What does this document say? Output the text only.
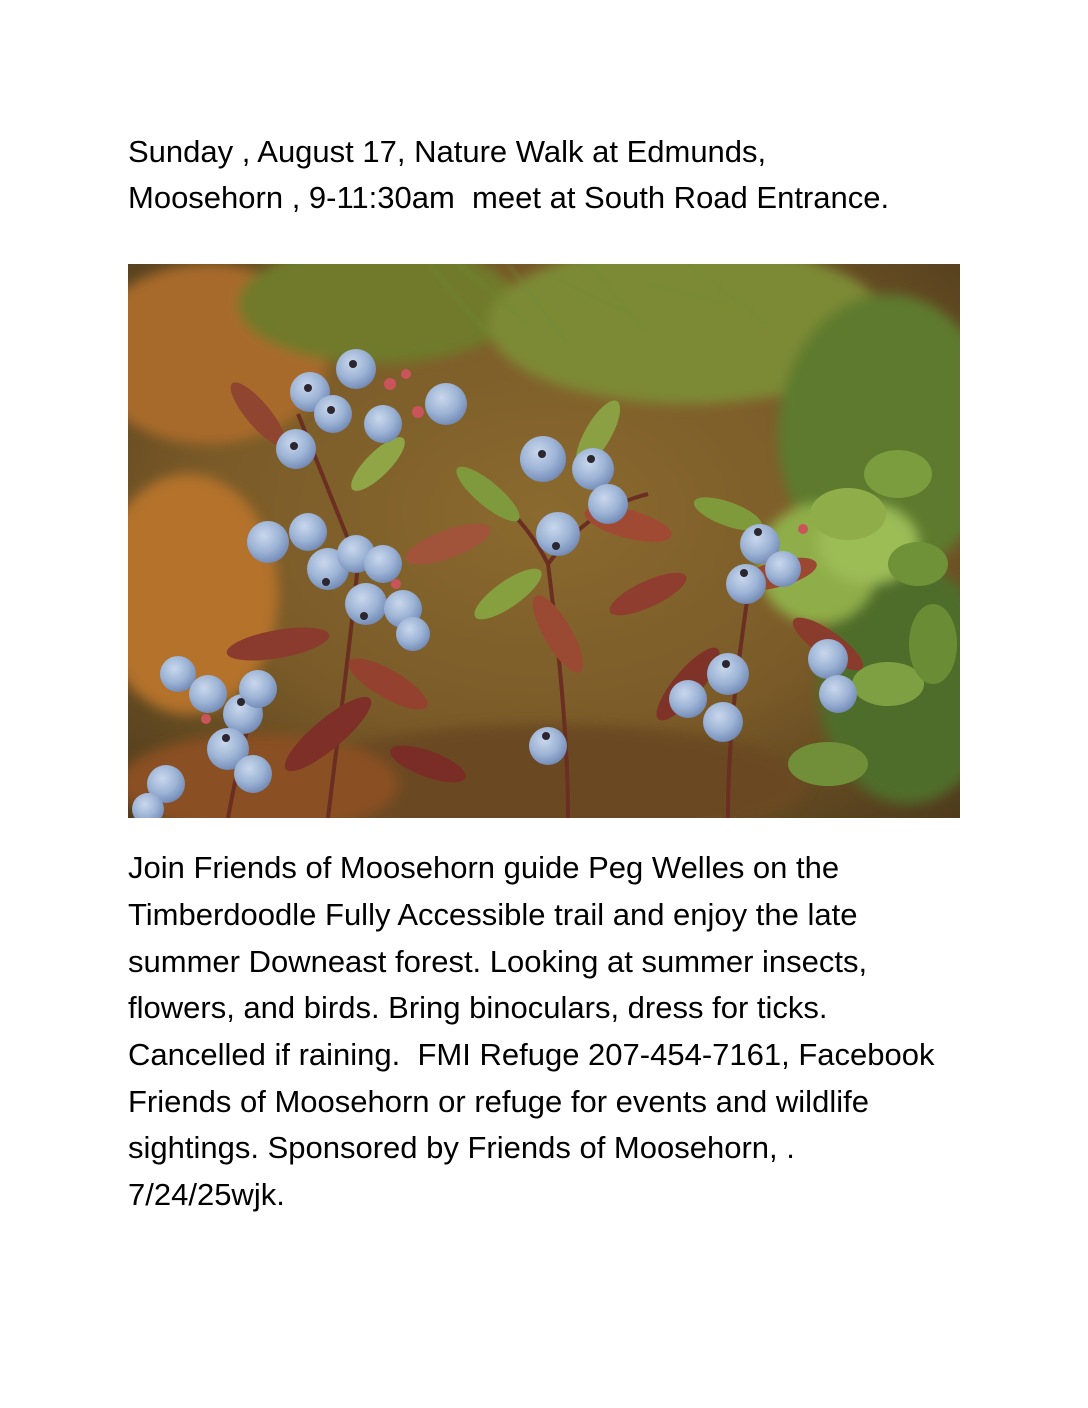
Sunday , August 17, Nature Walk at Edmunds,
Moosehorn , 9-11:30am  meet at South Road Entrance.
Join Friends of Moosehorn guide Peg Welles on the
Timberdoodle Fully Accessible trail and enjoy the late
summer Downeast forest. Looking at summer insects,
flowers, and birds. Bring binoculars, dress for ticks.
Cancelled if raining.  FMI Refuge 207-454-7161, Facebook
Friends of Moosehorn or refuge for events and wildlife
sightings. Sponsored by Friends of Moosehorn, .
7/24/25wjk.
